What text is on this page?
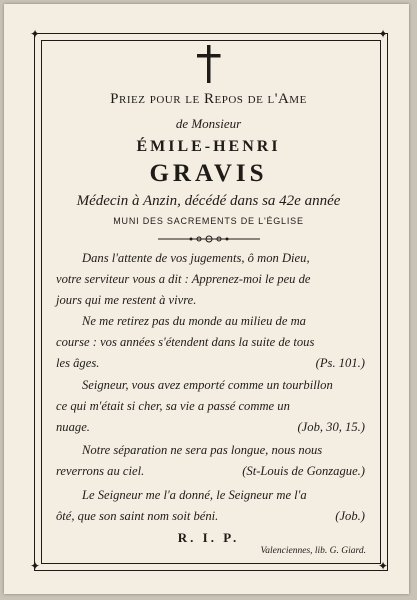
✦	✦
✦	✦
Priez pour le Repos de l'Ame
de Monsieur
ÉMILE-HENRI
GRAVIS
Médecin à Anzin, décédé dans sa 42e année
MUNI DES SACREMENTS DE L'ÉGLISE
Dans l'attente de vos jugements, ô mon Dieu,
votre serviteur vous a dit : Apprenez-moi le peu de
jours qui me restent à vivre.
Ne me retirez pas du monde au milieu de ma
course : vos années s'étendent dans la suite de tous
les âges.	(Ps. 101.)
Seigneur, vous avez emporté comme un tourbillon
ce qui m'était si cher, sa vie a passé comme un
nuage.	(Job, 30, 15.)
Notre séparation ne sera pas longue, nous nous
reverrons au ciel.	(St-Louis de Gonzague.)
Le Seigneur me l'a donné, le Seigneur me l'a
ôté, que son saint nom soit béni.	(Job.)
R. I. P.
Valenciennes, lib. G. Giard.
